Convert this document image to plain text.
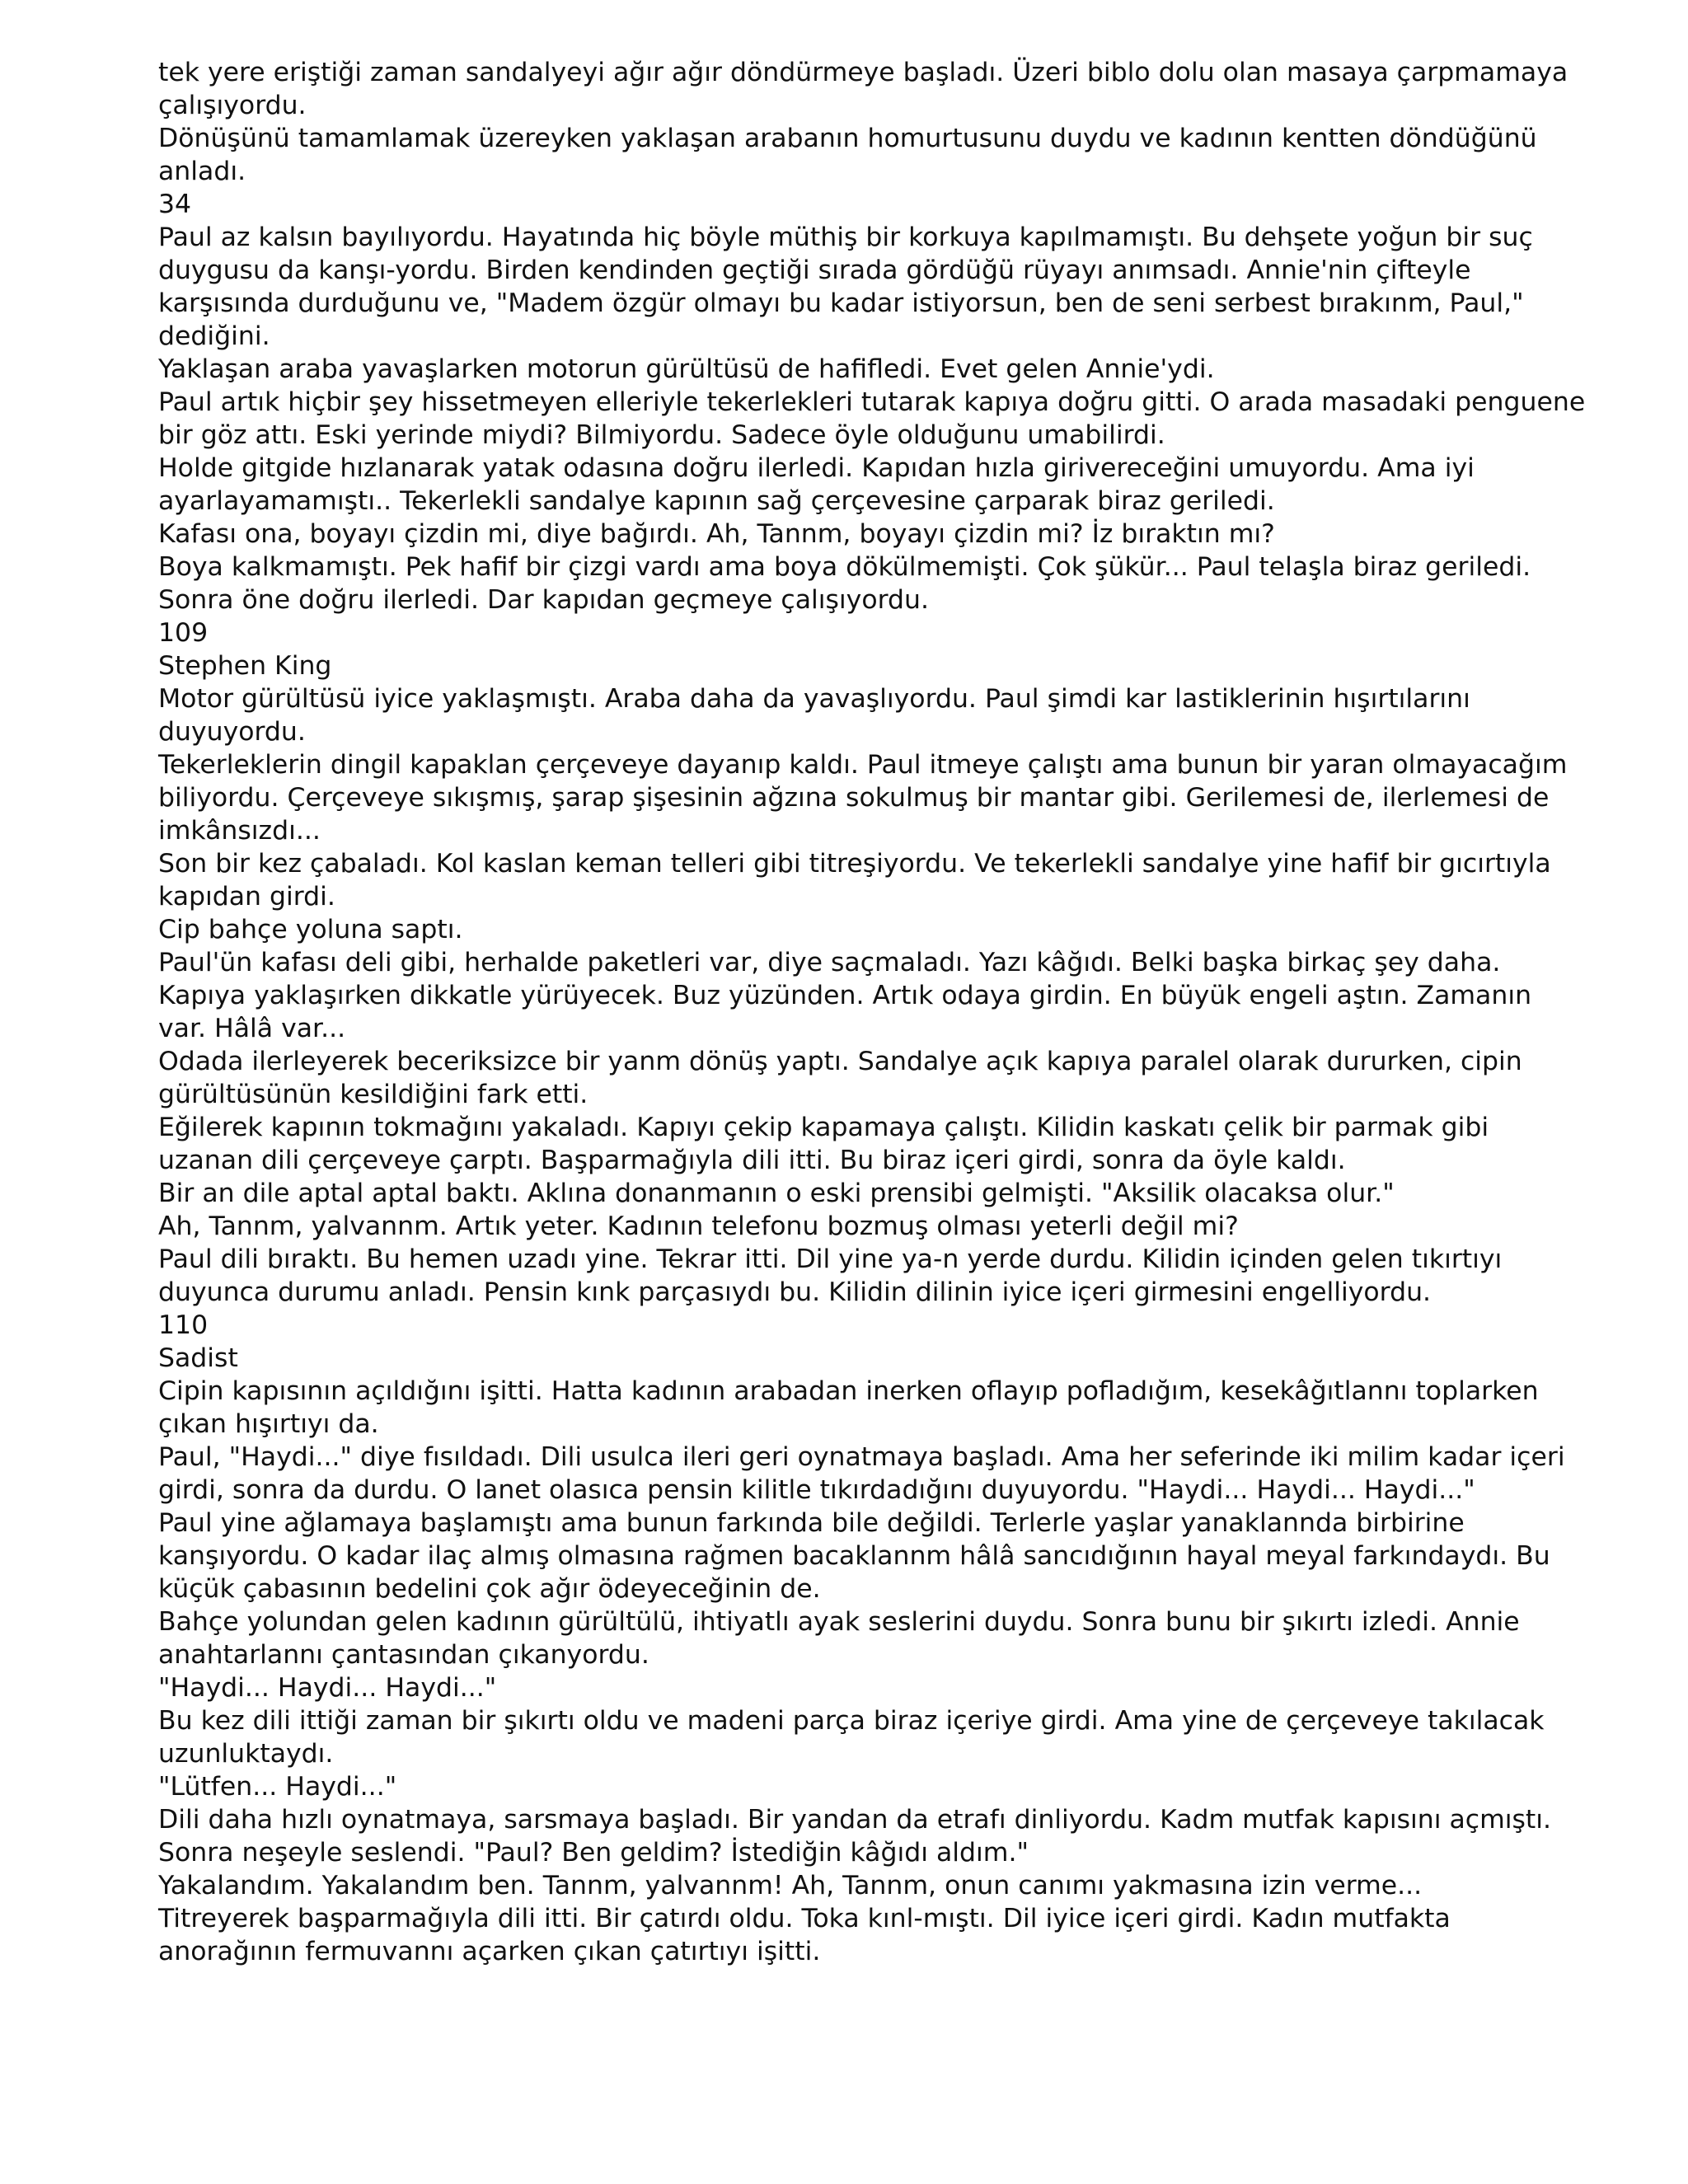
tek yere eriştiği zaman sandalyeyi ağır ağır döndürmeye başladı. Üzeri biblo dolu olan masaya çarpmamaya
çalışıyordu.
Dönüşünü tamamlamak üzereyken yaklaşan arabanın homurtusunu duydu ve kadının kentten döndüğünü
anladı.
34
Paul az kalsın bayılıyordu. Hayatında hiç böyle müthiş bir korkuya kapılmamıştı. Bu dehşete yoğun bir suç
duygusu da kanşı-yordu. Birden kendinden geçtiği sırada gördüğü rüyayı anımsadı. Annie'nin çifteyle
karşısında durduğunu ve, "Madem özgür olmayı bu kadar istiyorsun, ben de seni serbest bırakınm, Paul,"
dediğini.
Yaklaşan araba yavaşlarken motorun gürültüsü de hafifledi. Evet gelen Annie'ydi.
Paul artık hiçbir şey hissetmeyen elleriyle tekerlekleri tutarak kapıya doğru gitti. O arada masadaki penguene
bir göz attı. Eski yerinde miydi? Bilmiyordu. Sadece öyle olduğunu umabilirdi.
Holde gitgide hızlanarak yatak odasına doğru ilerledi. Kapıdan hızla girivereceğini umuyordu. Ama iyi
ayarlayamamıştı.. Tekerlekli sandalye kapının sağ çerçevesine çarparak biraz geriledi.
Kafası ona, boyayı çizdin mi, diye bağırdı. Ah, Tannm, boyayı çizdin mi? İz bıraktın mı?
Boya kalkmamıştı. Pek hafif bir çizgi vardı ama boya dökülmemişti. Çok şükür... Paul telaşla biraz geriledi.
Sonra öne doğru ilerledi. Dar kapıdan geçmeye çalışıyordu.
109
Stephen King
Motor gürültüsü iyice yaklaşmıştı. Araba daha da yavaşlıyordu. Paul şimdi kar lastiklerinin hışırtılarını
duyuyordu.
Tekerleklerin dingil kapaklan çerçeveye dayanıp kaldı. Paul itmeye çalıştı ama bunun bir yaran olmayacağım
biliyordu. Çerçeveye sıkışmış, şarap şişesinin ağzına sokulmuş bir mantar gibi. Gerilemesi de, ilerlemesi de
imkânsızdı...
Son bir kez çabaladı. Kol kaslan keman telleri gibi titreşiyordu. Ve tekerlekli sandalye yine hafif bir gıcırtıyla
kapıdan girdi.
Cip bahçe yoluna saptı.
Paul'ün kafası deli gibi, herhalde paketleri var, diye saçmaladı. Yazı kâğıdı. Belki başka birkaç şey daha.
Kapıya yaklaşırken dikkatle yürüyecek. Buz yüzünden. Artık odaya girdin. En büyük engeli aştın. Zamanın
var. Hâlâ var...
Odada ilerleyerek beceriksizce bir yanm dönüş yaptı. Sandalye açık kapıya paralel olarak dururken, cipin
gürültüsünün kesildiğini fark etti.
Eğilerek kapının tokmağını yakaladı. Kapıyı çekip kapamaya çalıştı. Kilidin kaskatı çelik bir parmak gibi
uzanan dili çerçeveye çarptı. Başparmağıyla dili itti. Bu biraz içeri girdi, sonra da öyle kaldı.
Bir an dile aptal aptal baktı. Aklına donanmanın o eski prensibi gelmişti. "Aksilik olacaksa olur."
Ah, Tannm, yalvannm. Artık yeter. Kadının telefonu bozmuş olması yeterli değil mi?
Paul dili bıraktı. Bu hemen uzadı yine. Tekrar itti. Dil yine ya-n yerde durdu. Kilidin içinden gelen tıkırtıyı
duyunca durumu anladı. Pensin kınk parçasıydı bu. Kilidin dilinin iyice içeri girmesini engelliyordu.
110
Sadist
Cipin kapısının açıldığını işitti. Hatta kadının arabadan inerken oflayıp pofladığım, kesekâğıtlannı toplarken
çıkan hışırtıyı da.
Paul, "Haydi..." diye fısıldadı. Dili usulca ileri geri oynatmaya başladı. Ama her seferinde iki milim kadar içeri
girdi, sonra da durdu. O lanet olasıca pensin kilitle tıkırdadığını duyuyordu. "Haydi... Haydi... Haydi..."
Paul yine ağlamaya başlamıştı ama bunun farkında bile değildi. Terlerle yaşlar yanaklannda birbirine
kanşıyordu. O kadar ilaç almış olmasına rağmen bacaklannm hâlâ sancıdığının hayal meyal farkındaydı. Bu
küçük çabasının bedelini çok ağır ödeyeceğinin de.
Bahçe yolundan gelen kadının gürültülü, ihtiyatlı ayak seslerini duydu. Sonra bunu bir şıkırtı izledi. Annie
anahtarlannı çantasından çıkanyordu.
"Haydi... Haydi... Haydi..."
Bu kez dili ittiği zaman bir şıkırtı oldu ve madeni parça biraz içeriye girdi. Ama yine de çerçeveye takılacak
uzunluktaydı.
"Lütfen... Haydi..."
Dili daha hızlı oynatmaya, sarsmaya başladı. Bir yandan da etrafı dinliyordu. Kadm mutfak kapısını açmıştı.
Sonra neşeyle seslendi. "Paul? Ben geldim? İstediğin kâğıdı aldım."
Yakalandım. Yakalandım ben. Tannm, yalvannm! Ah, Tannm, onun canımı yakmasına izin verme...
Titreyerek başparmağıyla dili itti. Bir çatırdı oldu. Toka kınl-mıştı. Dil iyice içeri girdi. Kadın mutfakta
anorağının fermuvannı açarken çıkan çatırtıyı işitti.
